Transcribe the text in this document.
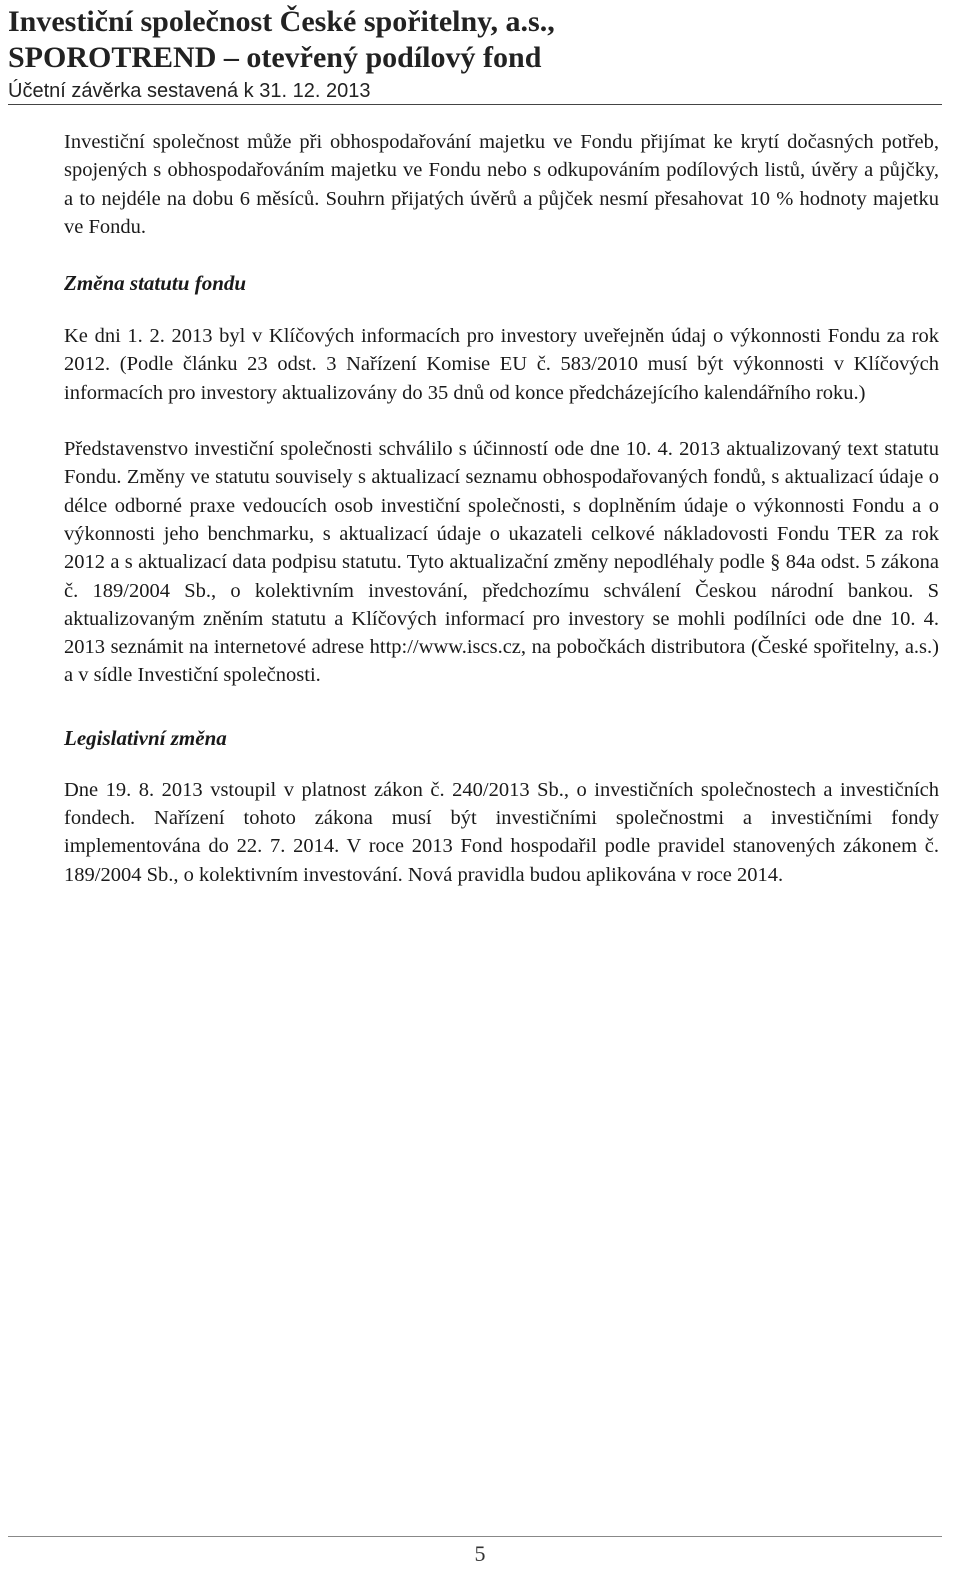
Investiční společnost České spořitelny, a.s.,
SPOROTREND – otevřený podílový fond
Účetní závěrka sestavená k 31. 12. 2013

Investiční společnost může při obhospodařování majetku ve Fondu přijímat ke krytí dočasných potřeb, spojených s obhospodařováním majetku ve Fondu nebo s odkupováním podílových listů, úvěry a půjčky, a to nejdéle na dobu 6 měsíců. Souhrn přijatých úvěrů a půjček nesmí přesahovat 10 % hodnoty majetku ve Fondu.

Změna statutu fondu

Ke dni 1. 2. 2013 byl v Klíčových informacích pro investory uveřejněn údaj o výkonnosti Fondu za rok 2012. (Podle článku 23 odst. 3 Nařízení Komise EU č. 583/2010 musí být výkonnosti v Klíčových informacích pro investory aktualizovány do 35 dnů od konce předcházejícího kalendářního roku.)

Představenstvo investiční společnosti schválilo s účinností ode dne 10. 4. 2013 aktualizovaný text statutu Fondu. Změny ve statutu souvisely s aktualizací seznamu obhospodařovaných fondů, s aktualizací údaje o délce odborné praxe vedoucích osob investiční společnosti, s doplněním údaje o výkonnosti Fondu a o výkonnosti jeho benchmarku, s aktualizací údaje o ukazateli celkové nákladovosti Fondu TER za rok 2012 a s aktualizací data podpisu statutu. Tyto aktualizační změny nepodléhaly podle § 84a odst. 5 zákona č. 189/2004 Sb., o kolektivním investování, předchozímu schválení Českou národní bankou. S aktualizovaným zněním statutu a Klíčových informací pro investory se mohli podílníci ode dne 10. 4. 2013 seznámit na internetové adrese http://www.iscs.cz, na pobočkách distributora (České spořitelny, a.s.) a v sídle Investiční společnosti.

Legislativní změna

Dne 19. 8. 2013 vstoupil v platnost zákon č. 240/2013 Sb., o investičních společnostech a investičních fondech. Nařízení tohoto zákona musí být investičními společnostmi a investičními fondy implementována do 22. 7. 2014. V roce 2013 Fond hospodařil podle pravidel stanovených zákonem č. 189/2004 Sb., o kolektivním investování. Nová pravidla budou aplikována v roce 2014.

5
